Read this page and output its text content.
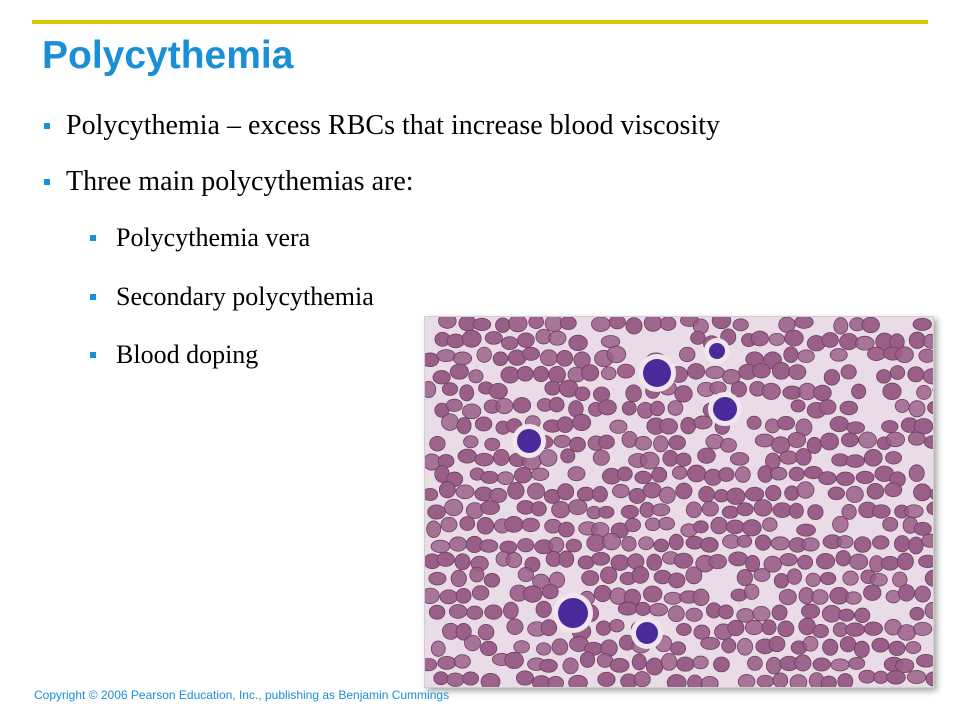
Polycythemia
Polycythemia – excess RBCs that increase blood viscosity
Three main polycythemias are:
Polycythemia vera
Secondary polycythemia
Blood doping
Copyright © 2006 Pearson Education, Inc., publishing as Benjamin Cummings
